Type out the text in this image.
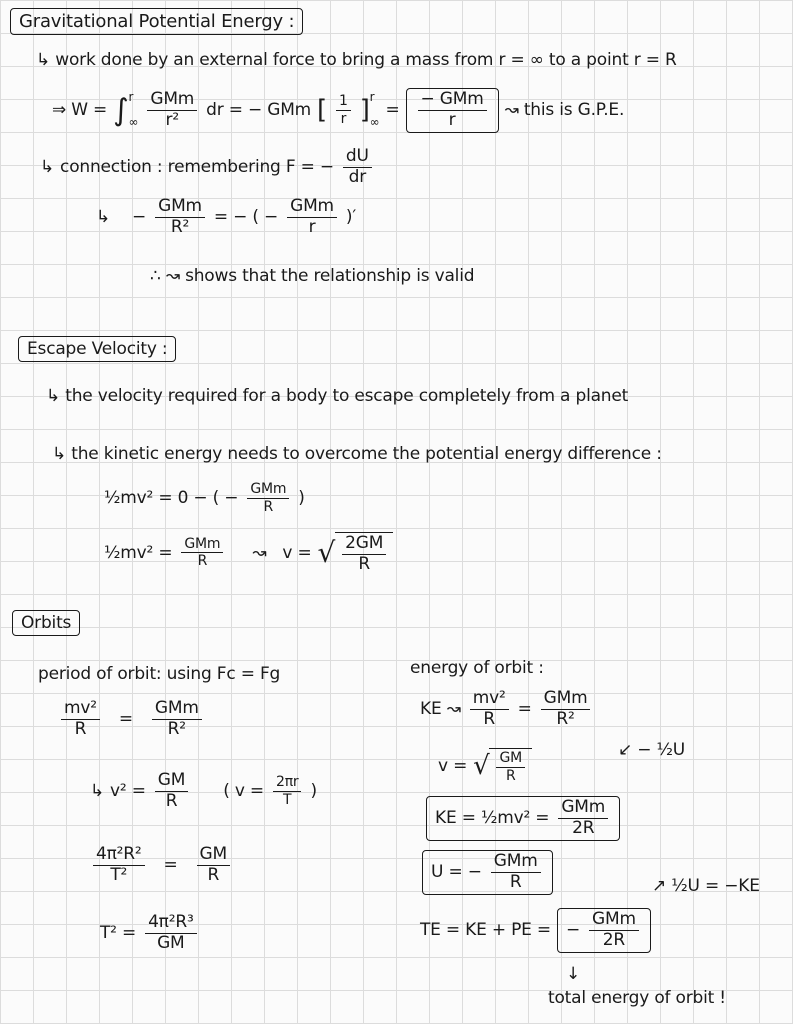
Gravitational Potential Energy :
↳ work done by an external force to bring a mass from r = ∞ to a point r = R
⇒ W = ∫ r
∞ $\frac{\text{GMm}}{\text{r²}}$ dr = − GMm [ $\frac{1}{r}$ ] r
∞
= $\frac{\text{− GMm}}{r}$ ↝ this is G.P.E.
↳ connection : remembering F = − $\frac{dU}{dr}$
↳ − $\frac{\text{GMm}}{\text{R²}}$ = − ( − $\frac{\text{GMm}}{r}$ )′
∴ ↝ shows that the relationship is valid
Escape Velocity :
↳ the velocity required for a body to escape completely from a planet
↳ the kinetic energy needs to overcome the potential energy difference :
½mv² = 0 − ( − $\frac{\text{GMm}}{R}$ )
½mv² = $\frac{\text{GMm}}{R}$ ↝ v = √ $\frac{2GM}{R}$
Orbits
period of orbit: using Fc = Fg
$\frac{\text{mv²}}{R} = \frac{\text{GMm}}{\text{R²}}$
↳ $v^2 = \frac{GM}{R}$ ( $v = \frac{2\pi r}{T}$ )
$\frac{\text{4π²R²}}{\text{T²}} = \frac{GM}{R}$
$T^2 = \frac{\text{4π²R³}}{GM}$
energy of orbit :
KE ↝ $\frac{\text{mv²}}{R} = \frac{\text{GMm}}{\text{R²}}$
v = √ $\frac{GM}{R}$
↙ − ½U
KE = ½mv² = $\frac{\text{GMm}}{2R}$
U = − $\frac{\text{GMm}}{R}$
TE = KE + PE = − $\frac{\text{GMm}}{2R}$
↗ ½U = −KE
↓
total energy of orbit !
